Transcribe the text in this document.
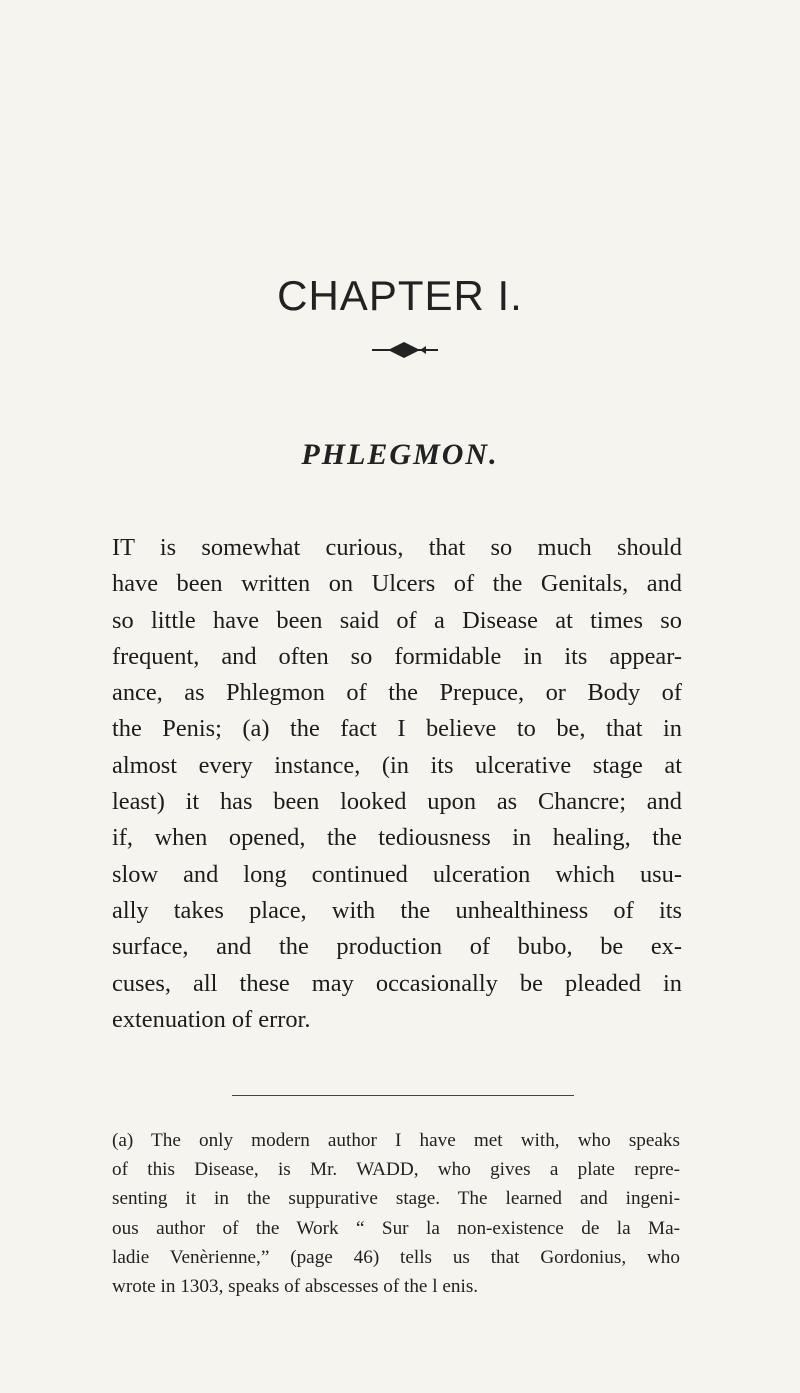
CHAPTER I.
PHLEGMON.
IT is somewhat curious, that so much should
have been written on Ulcers of the Genitals, and
so little have been said of a Disease at times so
frequent, and often so formidable in its appear-
ance, as Phlegmon of the Prepuce, or Body of
the Penis; (a) the fact I believe to be, that in
almost every instance, (in its ulcerative stage at
least) it has been looked upon as Chancre; and
if, when opened, the tediousness in healing, the
slow and long continued ulceration which usu-
ally takes place, with the unhealthiness of its
surface, and the production of bubo, be ex-
cuses, all these may occasionally be pleaded in
extenuation of error.
(a) The only modern author I have met with, who speaks
of this Disease, is Mr. WADD, who gives a plate repre-
senting it in the suppurative stage. The learned and ingeni-
ous author of the Work “ Sur la non-existence de la Ma-
ladie Venèrienne,” (page 46) tells us that Gordonius, who
wrote in 1303, speaks of abscesses of the l enis.
